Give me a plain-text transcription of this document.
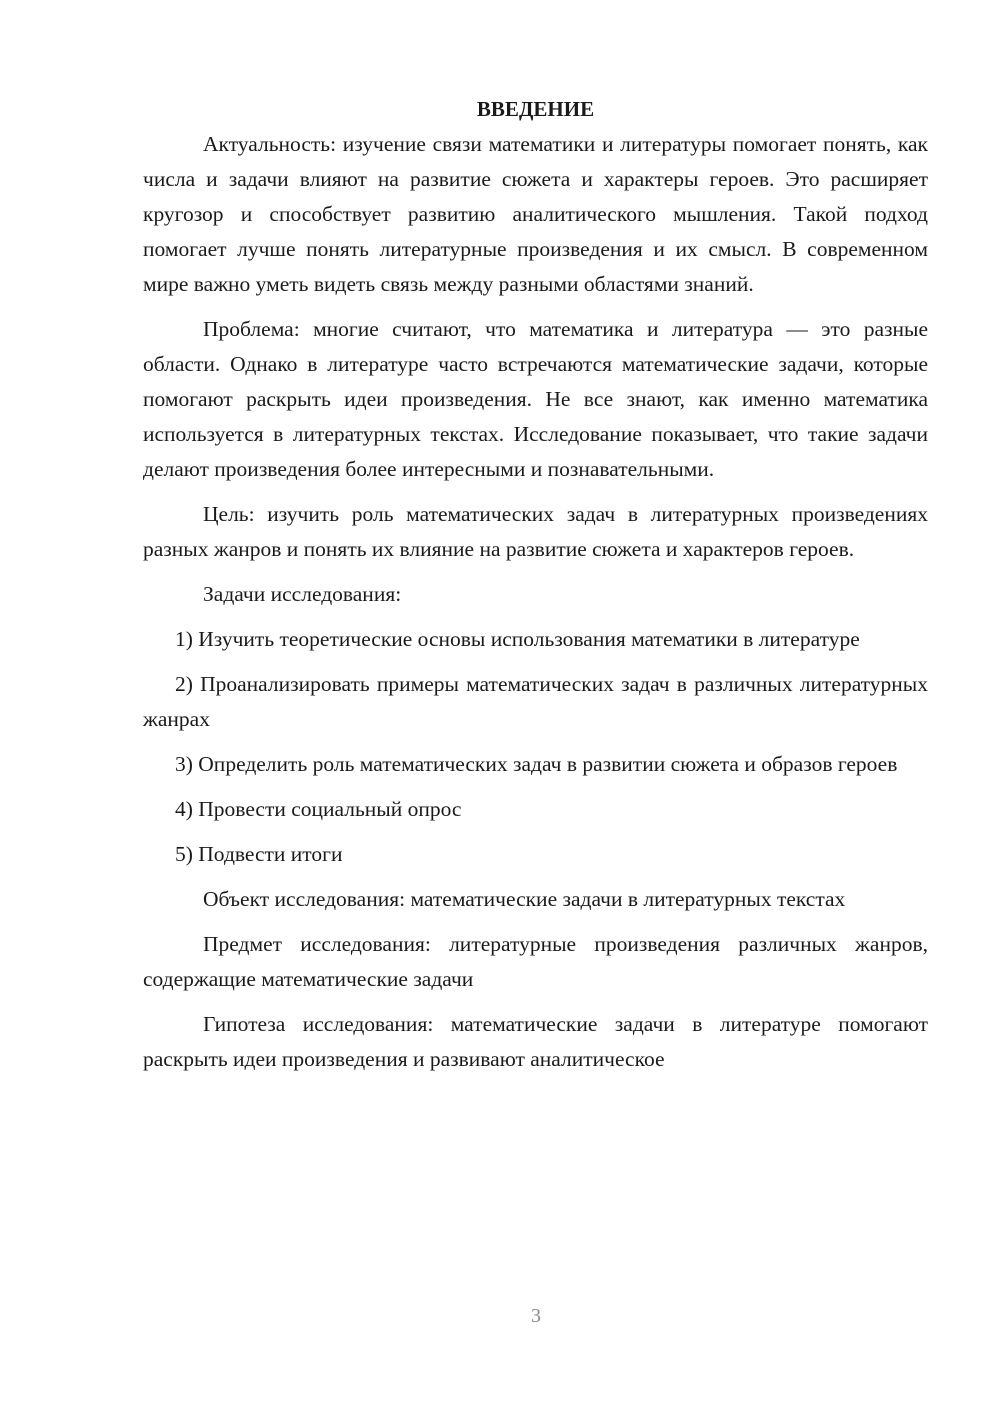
ВВЕДЕНИЕ

Актуальность: изучение связи математики и литературы помогает понять, как числа и задачи влияют на развитие сюжета и характеры героев. Это расширяет кругозор и способствует развитию аналитического мышления. Такой подход помогает лучше понять литературные произведения и их смысл. В современном мире важно уметь видеть связь между разными областями знаний.

Проблема: многие считают, что математика и литература — это разные области. Однако в литературе часто встречаются математические задачи, которые помогают раскрыть идеи произведения. Не все знают, как именно математика используется в литературных текстах. Исследование показывает, что такие задачи делают произведения более интересными и познавательными.

Цель: изучить роль математических задач в литературных произведениях разных жанров и понять их влияние на развитие сюжета и характеров героев.

Задачи исследования:

1) Изучить теоретические основы использования математики в литературе

2) Проанализировать примеры математических задач в различных литературных жанрах

3) Определить роль математических задач в развитии сюжета и образов героев

4) Провести социальный опрос

5) Подвести итоги

Объект исследования: математические задачи в литературных текстах

Предмет исследования: литературные произведения различных жанров, содержащие математические задачи

Гипотеза исследования: математические задачи в литературе помогают раскрыть идеи произведения и развивают аналитическое

3
